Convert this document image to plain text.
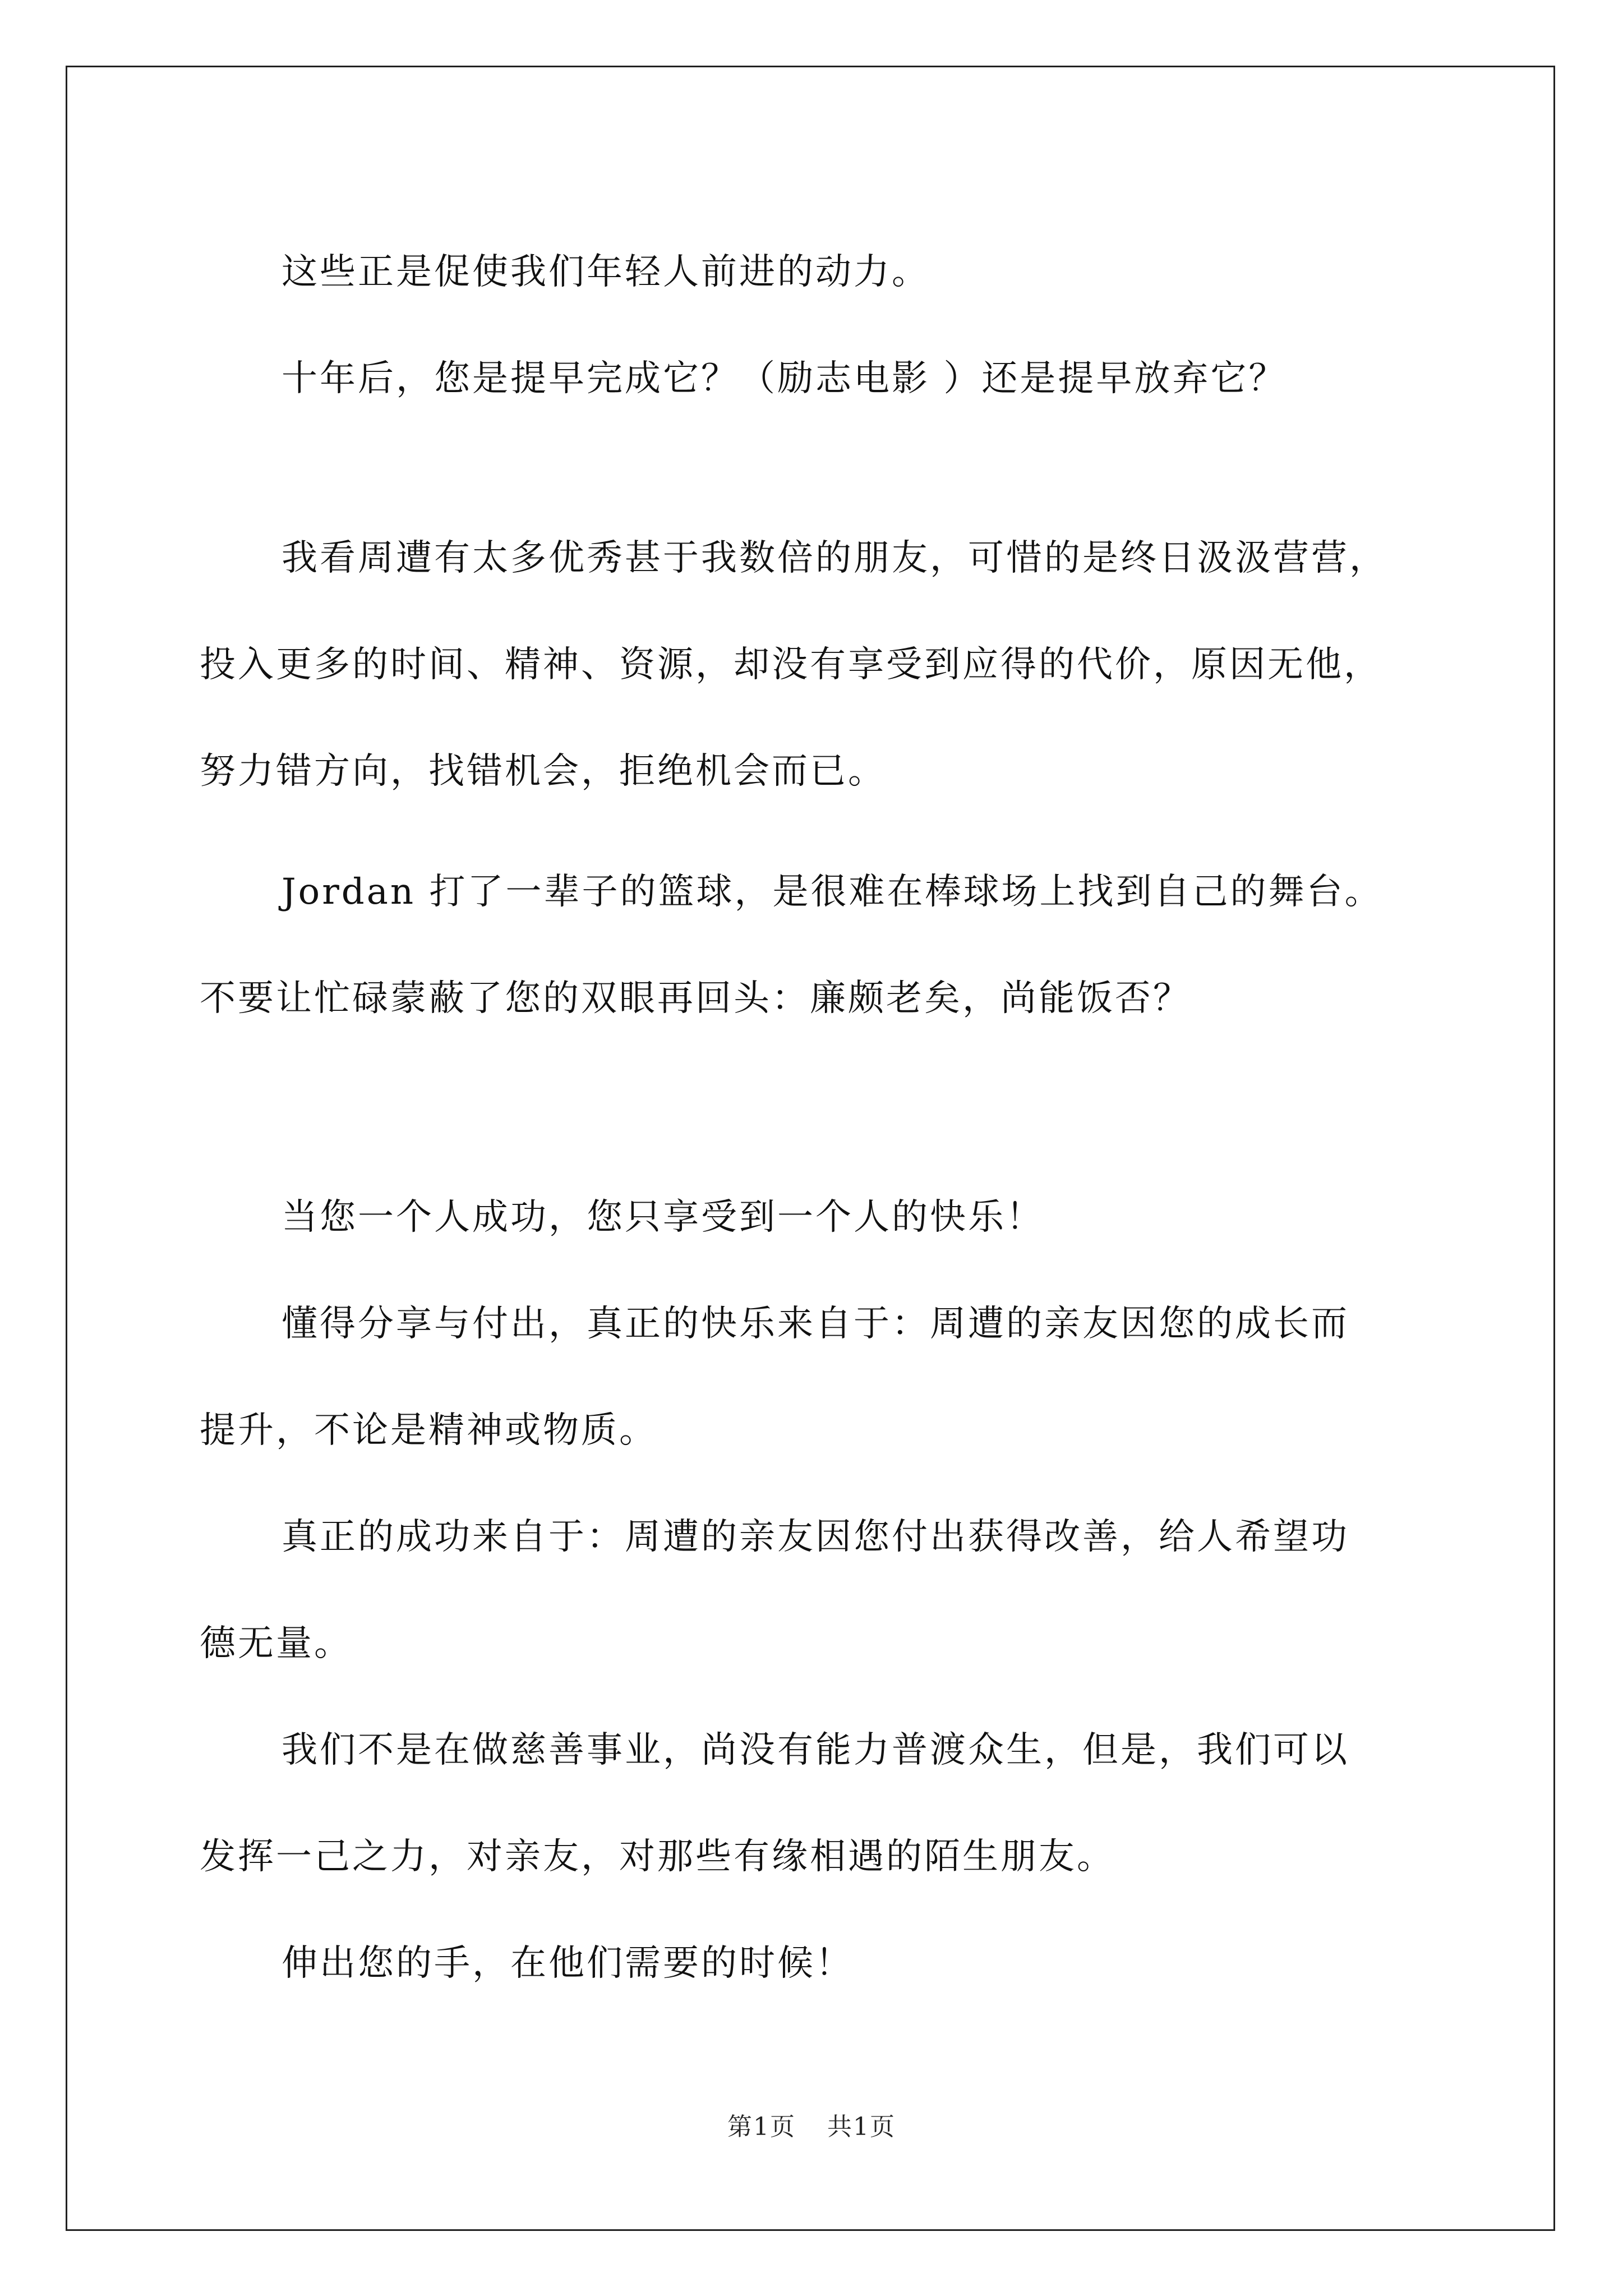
这些正是促使我们年轻人前进的动力。

十年后，您是提早完成它？（励志电影 ）还是提早放弃它？

我看周遭有太多优秀甚于我数倍的朋友，可惜的是终日汲汲营营，
投入更多的时间、精神、资源，却没有享受到应得的代价，原因无他，
努力错方向，找错机会，拒绝机会而已。

Jordan 打了一辈子的篮球，是很难在棒球场上找到自己的舞台。
不要让忙碌蒙蔽了您的双眼再回头：廉颇老矣，尚能饭否？

当您一个人成功，您只享受到一个人的快乐！

懂得分享与付出，真正的快乐来自于：周遭的亲友因您的成长而
提升，不论是精神或物质。

真正的成功来自于：周遭的亲友因您付出获得改善，给人希望功
德无量。

我们不是在做慈善事业，尚没有能力普渡众生，但是，我们可以
发挥一己之力，对亲友，对那些有缘相遇的陌生朋友。

伸出您的手，在他们需要的时候！

第1页 共1页
